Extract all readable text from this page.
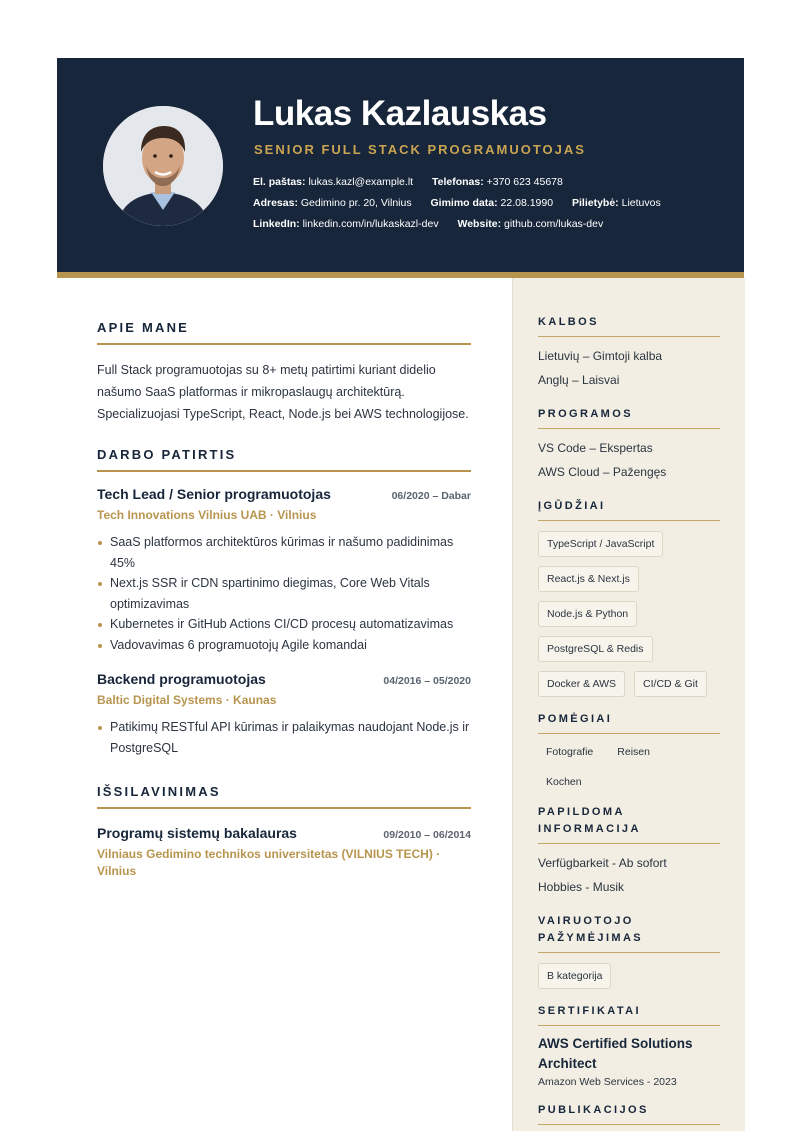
Lukas Kazlauskas
SENIOR FULL STACK PROGRAMUOTOJAS
El. paštas: lukas.kazl@example.lt Telefonas: +370 623 45678
Adresas: Gedimino pr. 20, Vilnius Gimimo data: 22.08.1990 Pilietybė: Lietuvos
LinkedIn: linkedin.com/in/lukaskazl-dev Website: github.com/lukas-dev
APIE MANE

Full Stack programuotojas su 8+ metų patirtimi kuriant didelio našumo SaaS platformas ir mikropaslaugų architektūrą. Specializuojasi TypeScript, React, Node.js bei AWS technologijose.

DARBO PATIRTIS
Tech Lead / Senior programuotojas	06/2020 – Dabar
Tech Innovations Vilnius UAB · Vilnius
SaaS platformos architektūros kūrimas ir našumo padidinimas 45%
Next.js SSR ir CDN spartinimo diegimas, Core Web Vitals optimizavimas
Kubernetes ir GitHub Actions CI/CD procesų automatizavimas
Vadovavimas 6 programuotojų Agile komandai
Backend programuotojas	04/2016 – 05/2020
Baltic Digital Systems · Kaunas
Patikimų RESTful API kūrimas ir palaikymas naudojant Node.js ir PostgreSQL
IŠSILAVINIMAS
Programų sistemų bakalauras	09/2010 – 06/2014
Vilniaus Gedimino technikos universitetas (VILNIUS TECH) · Vilnius
KALBOS
Lietuvių – Gimtoji kalba
Anglų – Laisvai
PROGRAMOS
VS Code – Ekspertas
AWS Cloud – Pažengęs
ĮGŪDŽIAI
TypeScript / JavaScript
React.js & Next.js
Node.js & Python
PostgreSQL & Redis
Docker & AWS	CI/CD & Git
POMĖGIAI
Fotografie	Reisen
Kochen
PAPILDOMA INFORMACIJA
Verfügbarkeit - Ab sofort
Hobbies - Musik
VAIRUOTOJO PAŽYMĖJIMAS
B kategorija
SERTIFIKATAI
AWS Certified Solutions Architect
Amazon Web Services - 2023
PUBLIKACIJOS
